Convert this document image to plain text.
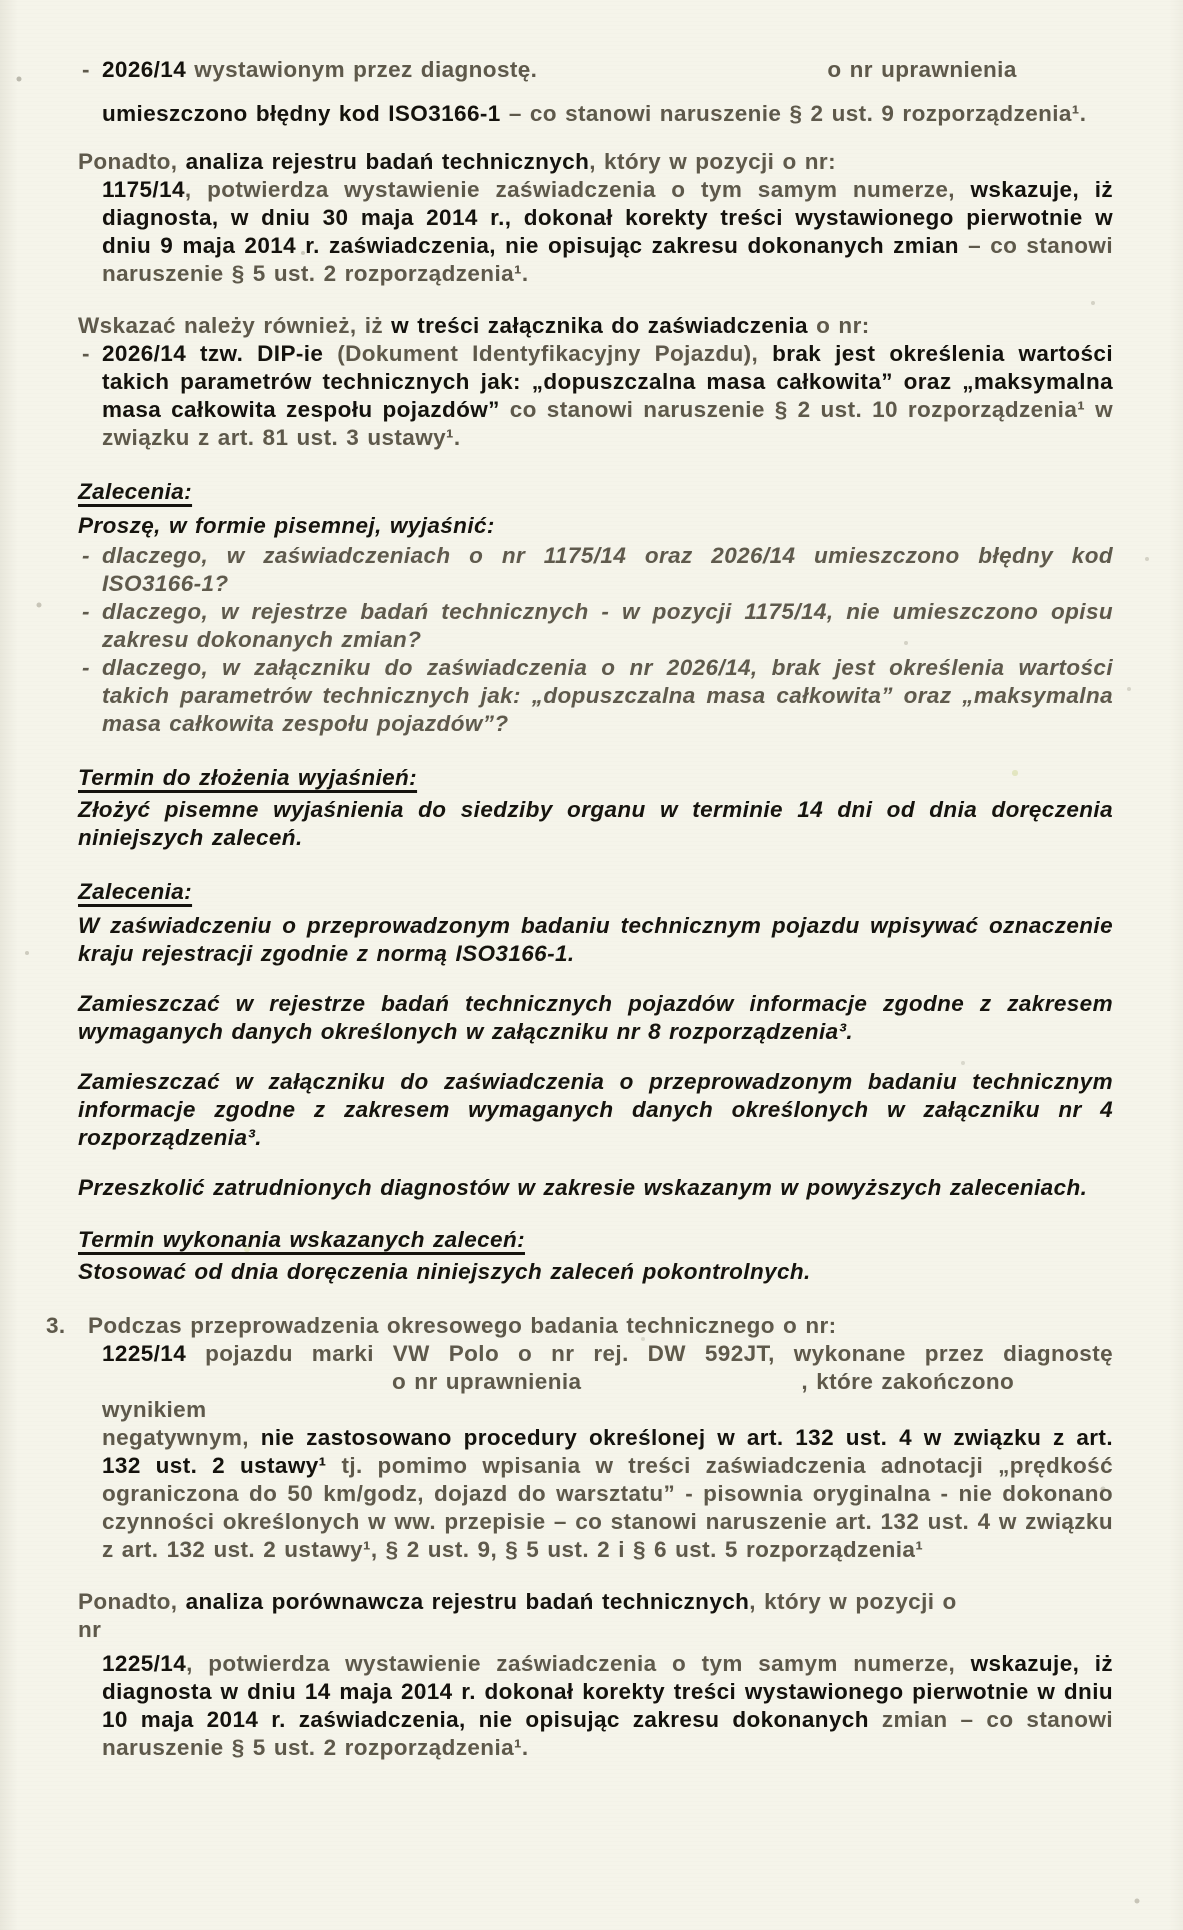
- 2026/14 wystawionym przez diagnostę.	o nr uprawnienia
umieszczono błędny kod ISO3166-1 – co stanowi naruszenie § 2 ust. 9 rozporządzenia¹.
Ponadto, analiza rejestru badań technicznych, który w pozycji o nr:
1175/14, potwierdza wystawienie zaświadczenia o tym samym numerze, wskazuje, iż diagnosta, w dniu 30 maja 2014 r., dokonał korekty treści wystawionego pierwotnie w dniu 9 maja 2014 r. zaświadczenia, nie opisując zakresu dokonanych zmian – co stanowi naruszenie § 5 ust. 2 rozporządzenia¹.
Wskazać należy również, iż w treści załącznika do zaświadczenia o nr:
- 2026/14 tzw. DIP-ie (Dokument Identyfikacyjny Pojazdu), brak jest określenia wartości takich parametrów technicznych jak: „dopuszczalna masa całkowita” oraz „maksymalna masa całkowita zespołu pojazdów” co stanowi naruszenie § 2 ust. 10 rozporządzenia¹ w związku z art. 81 ust. 3 ustawy¹.
Zalecenia:
Proszę, w formie pisemnej, wyjaśnić:
- dlaczego, w zaświadczeniach o nr 1175/14 oraz 2026/14 umieszczono błędny kod ISO3166-1?
- dlaczego, w rejestrze badań technicznych - w pozycji 1175/14, nie umieszczono opisu zakresu dokonanych zmian?
- dlaczego, w załączniku do zaświadczenia o nr 2026/14, brak jest określenia wartości takich parametrów technicznych jak: „dopuszczalna masa całkowita” oraz „maksymalna masa całkowita zespołu pojazdów”?
Termin do złożenia wyjaśnień:
Złożyć pisemne wyjaśnienia do siedziby organu w terminie 14 dni od dnia doręczenia niniejszych zaleceń.
Zalecenia:
W zaświadczeniu o przeprowadzonym badaniu technicznym pojazdu wpisywać oznaczenie kraju rejestracji zgodnie z normą ISO3166-1.
Zamieszczać w rejestrze badań technicznych pojazdów informacje zgodne z zakresem wymaganych danych określonych w załączniku nr 8 rozporządzenia³.
Zamieszczać w załączniku do zaświadczenia o przeprowadzonym badaniu technicznym informacje zgodne z zakresem wymaganych danych określonych w załączniku nr 4 rozporządzenia³.
Przeszkolić zatrudnionych diagnostów w zakresie wskazanym w powyższych zaleceniach.
Termin wykonania wskazanych zaleceń:
Stosować od dnia doręczenia niniejszych zaleceń pokontrolnych.
3. Podczas przeprowadzenia okresowego badania technicznego o nr:
1225/14 pojazdu marki VW Polo o nr rej. DW 592JT, wykonane przez diagnostę
o nr uprawnienia	, które zakończono wynikiem
negatywnym, nie zastosowano procedury określonej w art. 132 ust. 4 w związku z art. 132 ust. 2 ustawy¹ tj. pomimo wpisania w treści zaświadczenia adnotacji „prędkość ograniczona do 50 km/godz, dojazd do warsztatu” - pisownia oryginalna - nie dokonano czynności określonych w ww. przepisie – co stanowi naruszenie art. 132 ust. 4 w związku z art. 132 ust. 2 ustawy¹, § 2 ust. 9, § 5 ust. 2 i § 6 ust. 5 rozporządzenia¹
Ponadto, analiza porównawcza rejestru badań technicznych, który w pozycji o
nr
1225/14, potwierdza wystawienie zaświadczenia o tym samym numerze, wskazuje, iż diagnosta w dniu 14 maja 2014 r. dokonał korekty treści wystawionego pierwotnie w dniu 10 maja 2014 r. zaświadczenia, nie opisując zakresu dokonanych zmian – co stanowi naruszenie § 5 ust. 2 rozporządzenia¹.
